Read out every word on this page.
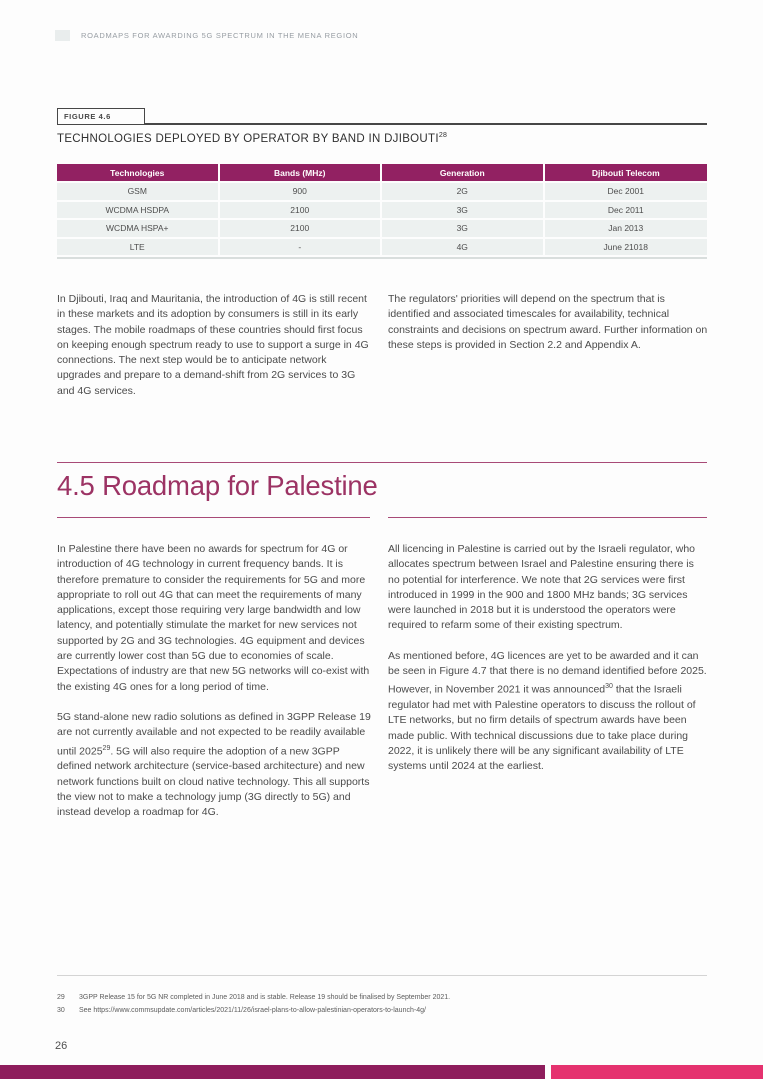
ROADMAPS FOR AWARDING 5G SPECTRUM IN THE MENA REGION
FIGURE 4.6
TECHNOLOGIES DEPLOYED BY OPERATOR BY BAND IN DJIBOUTI$^{28}$
Technologies	Bands (MHz)	Generation	Djibouti Telecom
GSM	900	2G	Dec 2001
WCDMA HSDPA	2100	3G	Dec 2011
WCDMA HSPA+	2100	3G	Jan 2013
LTE	-	4G	June 21018

In Djibouti, Iraq and Mauritania, the introduction of 4G is still recent in these markets and its adoption by consumers is still in its early stages. The mobile roadmaps of these countries should first focus on keeping enough spectrum ready to use to support a surge in 4G connections. The next step would be to anticipate network upgrades and prepare to a demand-shift from 2G services to 3G and 4G services.

The regulators' priorities will depend on the spectrum that is identified and associated timescales for availability, technical constraints and decisions on spectrum award. Further information on these steps is provided in Section 2.2 and Appendix A.

4.5 Roadmap for Palestine

In Palestine there have been no awards for spectrum for 4G or introduction of 4G technology in current frequency bands. It is therefore premature to consider the requirements for 5G and more appropriate to roll out 4G that can meet the requirements of many applications, except those requiring very large bandwidth and low latency, and potentially stimulate the market for new services not supported by 2G and 3G technologies. 4G equipment and devices are currently lower cost than 5G due to economies of scale. Expectations of industry are that new 5G networks will co-exist with the existing 4G ones for a long period of time.

5G stand-alone new radio solutions as defined in 3GPP Release 19 are not currently available and not expected to be readily available until 2025$^{29}$. 5G will also require the adoption of a new 3GPP defined network architecture (service-based architecture) and new network functions built on cloud native technology. This all supports the view not to make a technology jump (3G directly to 5G) and instead develop a roadmap for 4G.

All licencing in Palestine is carried out by the Israeli regulator, who allocates spectrum between Israel and Palestine ensuring there is no potential for interference. We note that 2G services were first introduced in 1999 in the 900 and 1800 MHz bands; 3G services were launched in 2018 but it is understood the operators were required to refarm some of their existing spectrum.

As mentioned before, 4G licences are yet to be awarded and it can be seen in Figure 4.7 that there is no demand identified before 2025. However, in November 2021 it was announced$^{30}$ that the Israeli regulator had met with Palestine operators to discuss the rollout of LTE networks, but no firm details of spectrum awards have been made public. With technical discussions due to take place during 2022, it is unlikely there will be any significant availability of LTE systems until 2024 at the earliest.

29	3GPP Release 15 for 5G NR completed in June 2018 and is stable. Release 19 should be finalised by September 2021.
30	See https://www.commsupdate.com/articles/2021/11/26/israel-plans-to-allow-palestinian-operators-to-launch-4g/
26
